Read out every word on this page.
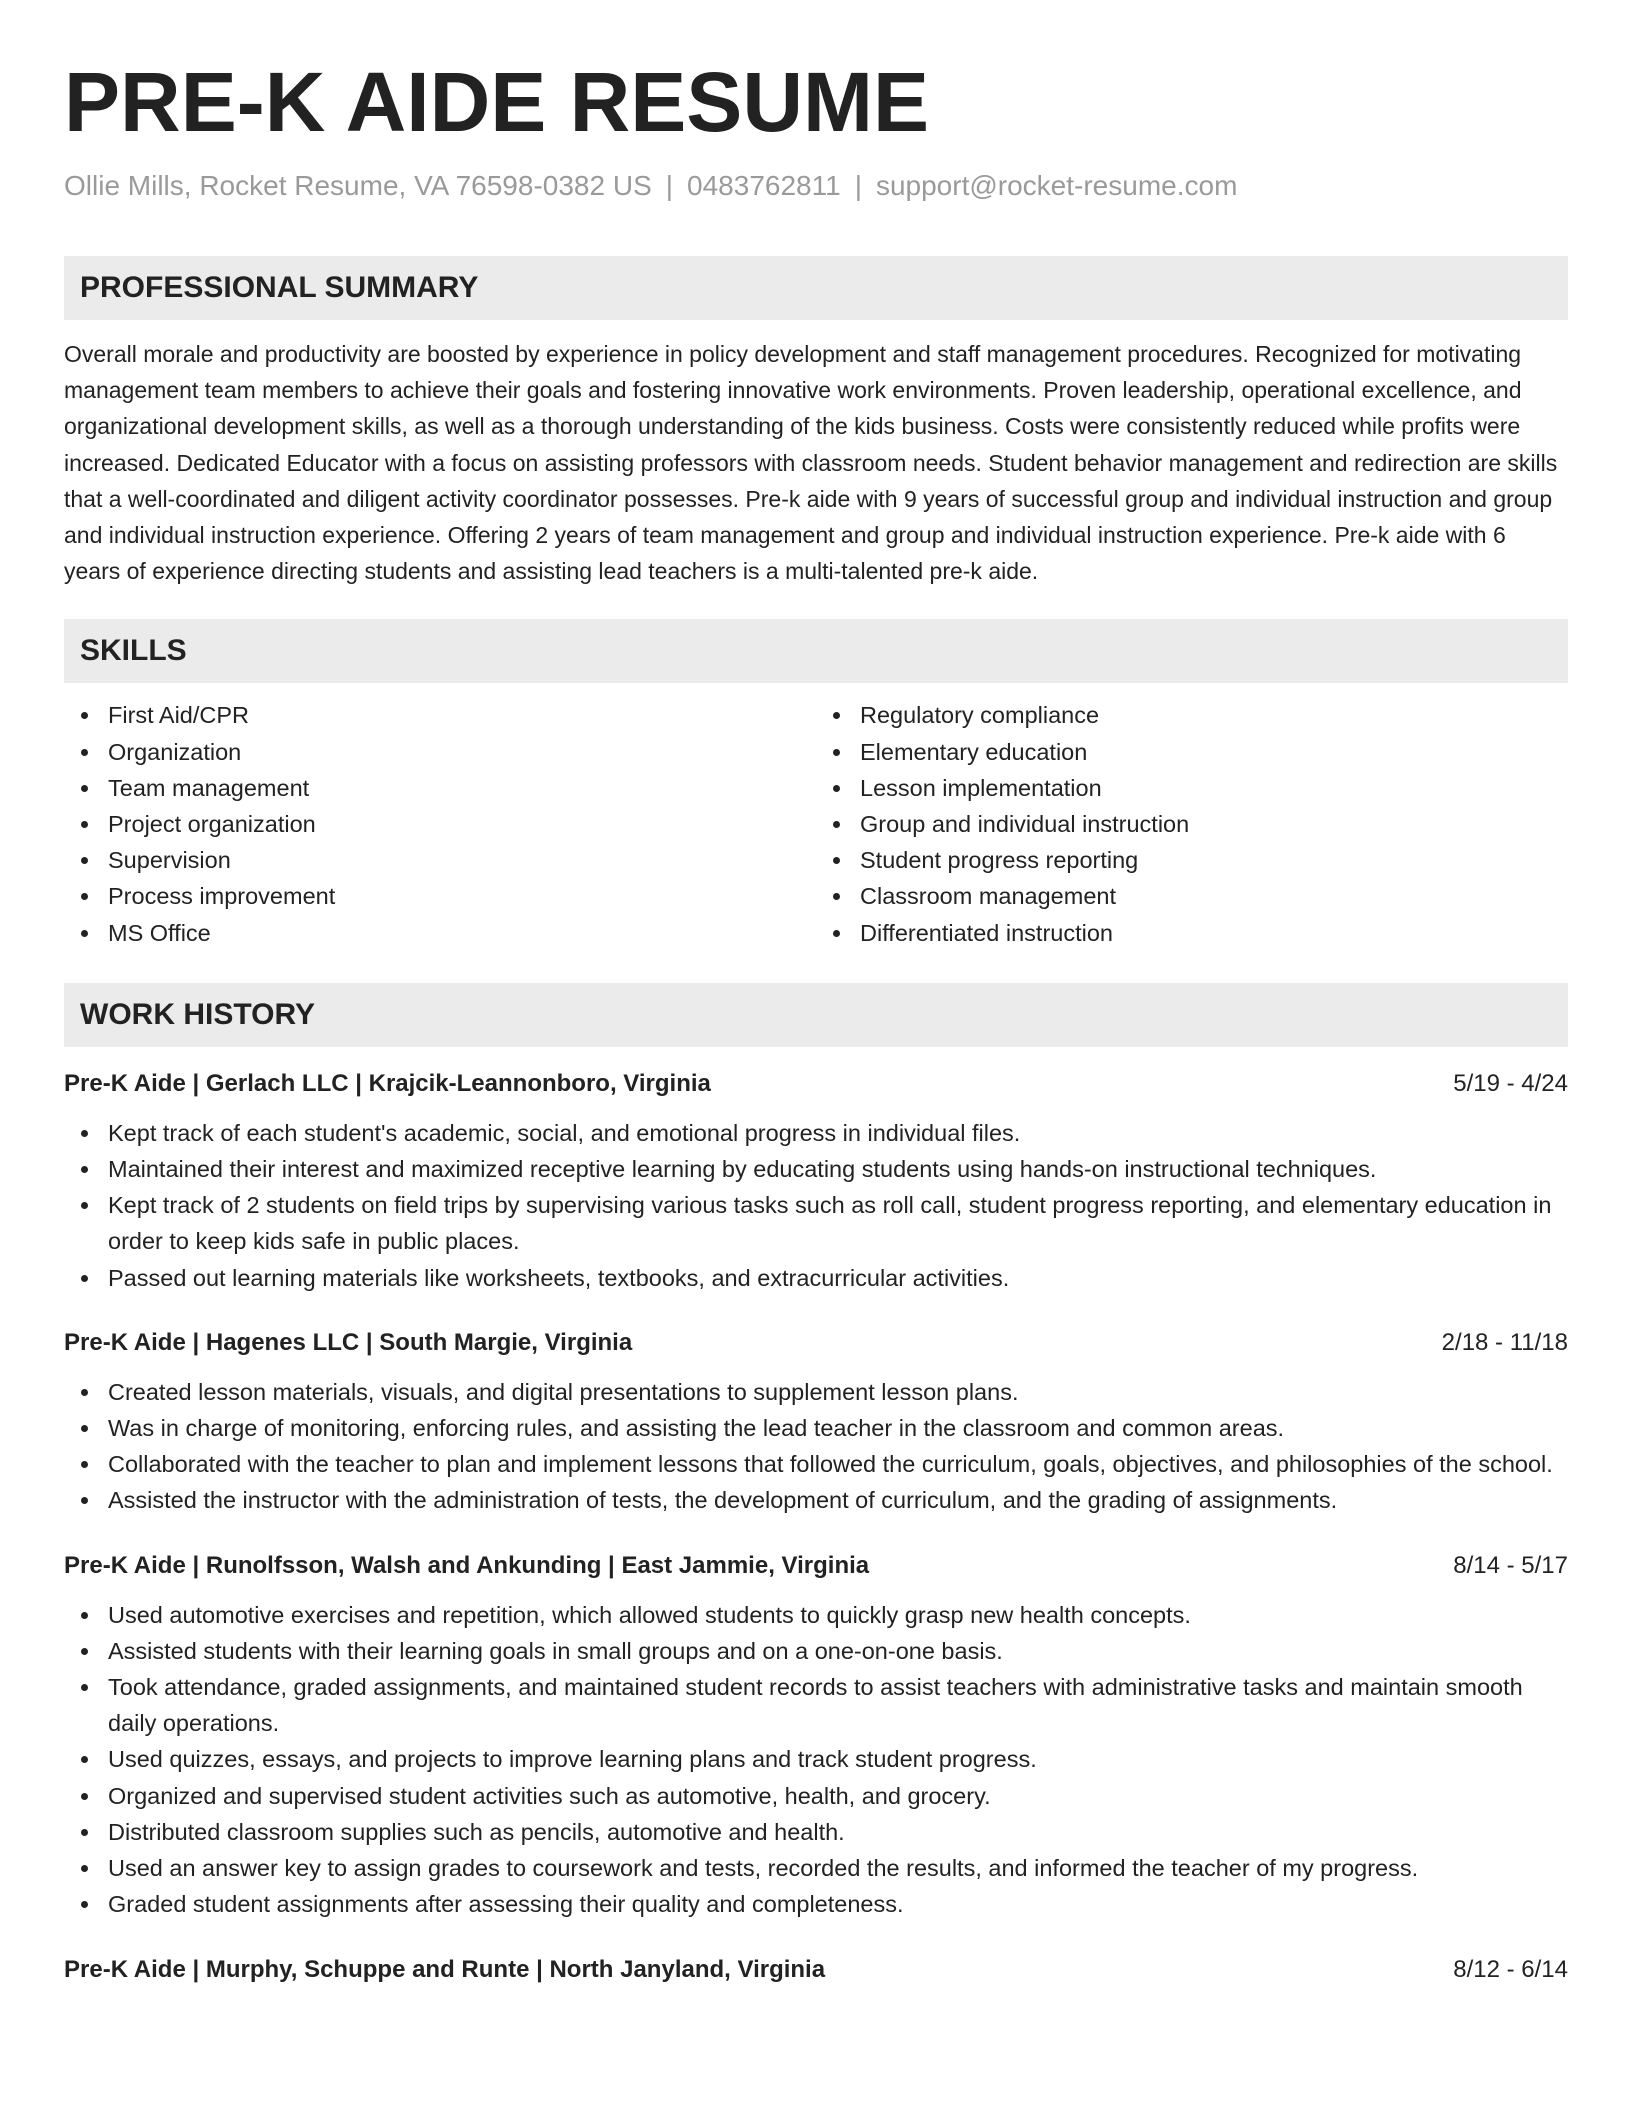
PRE-K AIDE RESUME
Ollie Mills, Rocket Resume, VA 76598-0382 US | 0483762811 | support@rocket-resume.com
PROFESSIONAL SUMMARY
Overall morale and productivity are boosted by experience in policy development and staff management procedures. Recognized for motivating management team members to achieve their goals and fostering innovative work environments. Proven leadership, operational excellence, and organizational development skills, as well as a thorough understanding of the kids business. Costs were consistently reduced while profits were increased. Dedicated Educator with a focus on assisting professors with classroom needs. Student behavior management and redirection are skills that a well-coordinated and diligent activity coordinator possesses. Pre-k aide with 9 years of successful group and individual instruction and group and individual instruction experience. Offering 2 years of team management and group and individual instruction experience. Pre-k aide with 6 years of experience directing students and assisting lead teachers is a multi-talented pre-k aide.
SKILLS
First Aid/CPR
Organization
Team management
Project organization
Supervision
Process improvement
MS Office
Regulatory compliance
Elementary education
Lesson implementation
Group and individual instruction
Student progress reporting
Classroom management
Differentiated instruction
WORK HISTORY
Pre-K Aide | Gerlach LLC | Krajcik-Leannonboro, Virginia	5/19 - 4/24
Kept track of each student's academic, social, and emotional progress in individual files.
Maintained their interest and maximized receptive learning by educating students using hands-on instructional techniques.
Kept track of 2 students on field trips by supervising various tasks such as roll call, student progress reporting, and elementary education in order to keep kids safe in public places.
Passed out learning materials like worksheets, textbooks, and extracurricular activities.
Pre-K Aide | Hagenes LLC | South Margie, Virginia	2/18 - 11/18
Created lesson materials, visuals, and digital presentations to supplement lesson plans.
Was in charge of monitoring, enforcing rules, and assisting the lead teacher in the classroom and common areas.
Collaborated with the teacher to plan and implement lessons that followed the curriculum, goals, objectives, and philosophies of the school.
Assisted the instructor with the administration of tests, the development of curriculum, and the grading of assignments.
Pre-K Aide | Runolfsson, Walsh and Ankunding | East Jammie, Virginia	8/14 - 5/17
Used automotive exercises and repetition, which allowed students to quickly grasp new health concepts.
Assisted students with their learning goals in small groups and on a one-on-one basis.
Took attendance, graded assignments, and maintained student records to assist teachers with administrative tasks and maintain smooth daily operations.
Used quizzes, essays, and projects to improve learning plans and track student progress.
Organized and supervised student activities such as automotive, health, and grocery.
Distributed classroom supplies such as pencils, automotive and health.
Used an answer key to assign grades to coursework and tests, recorded the results, and informed the teacher of my progress.
Graded student assignments after assessing their quality and completeness.
Pre-K Aide | Murphy, Schuppe and Runte | North Janyland, Virginia	8/12 - 6/14
